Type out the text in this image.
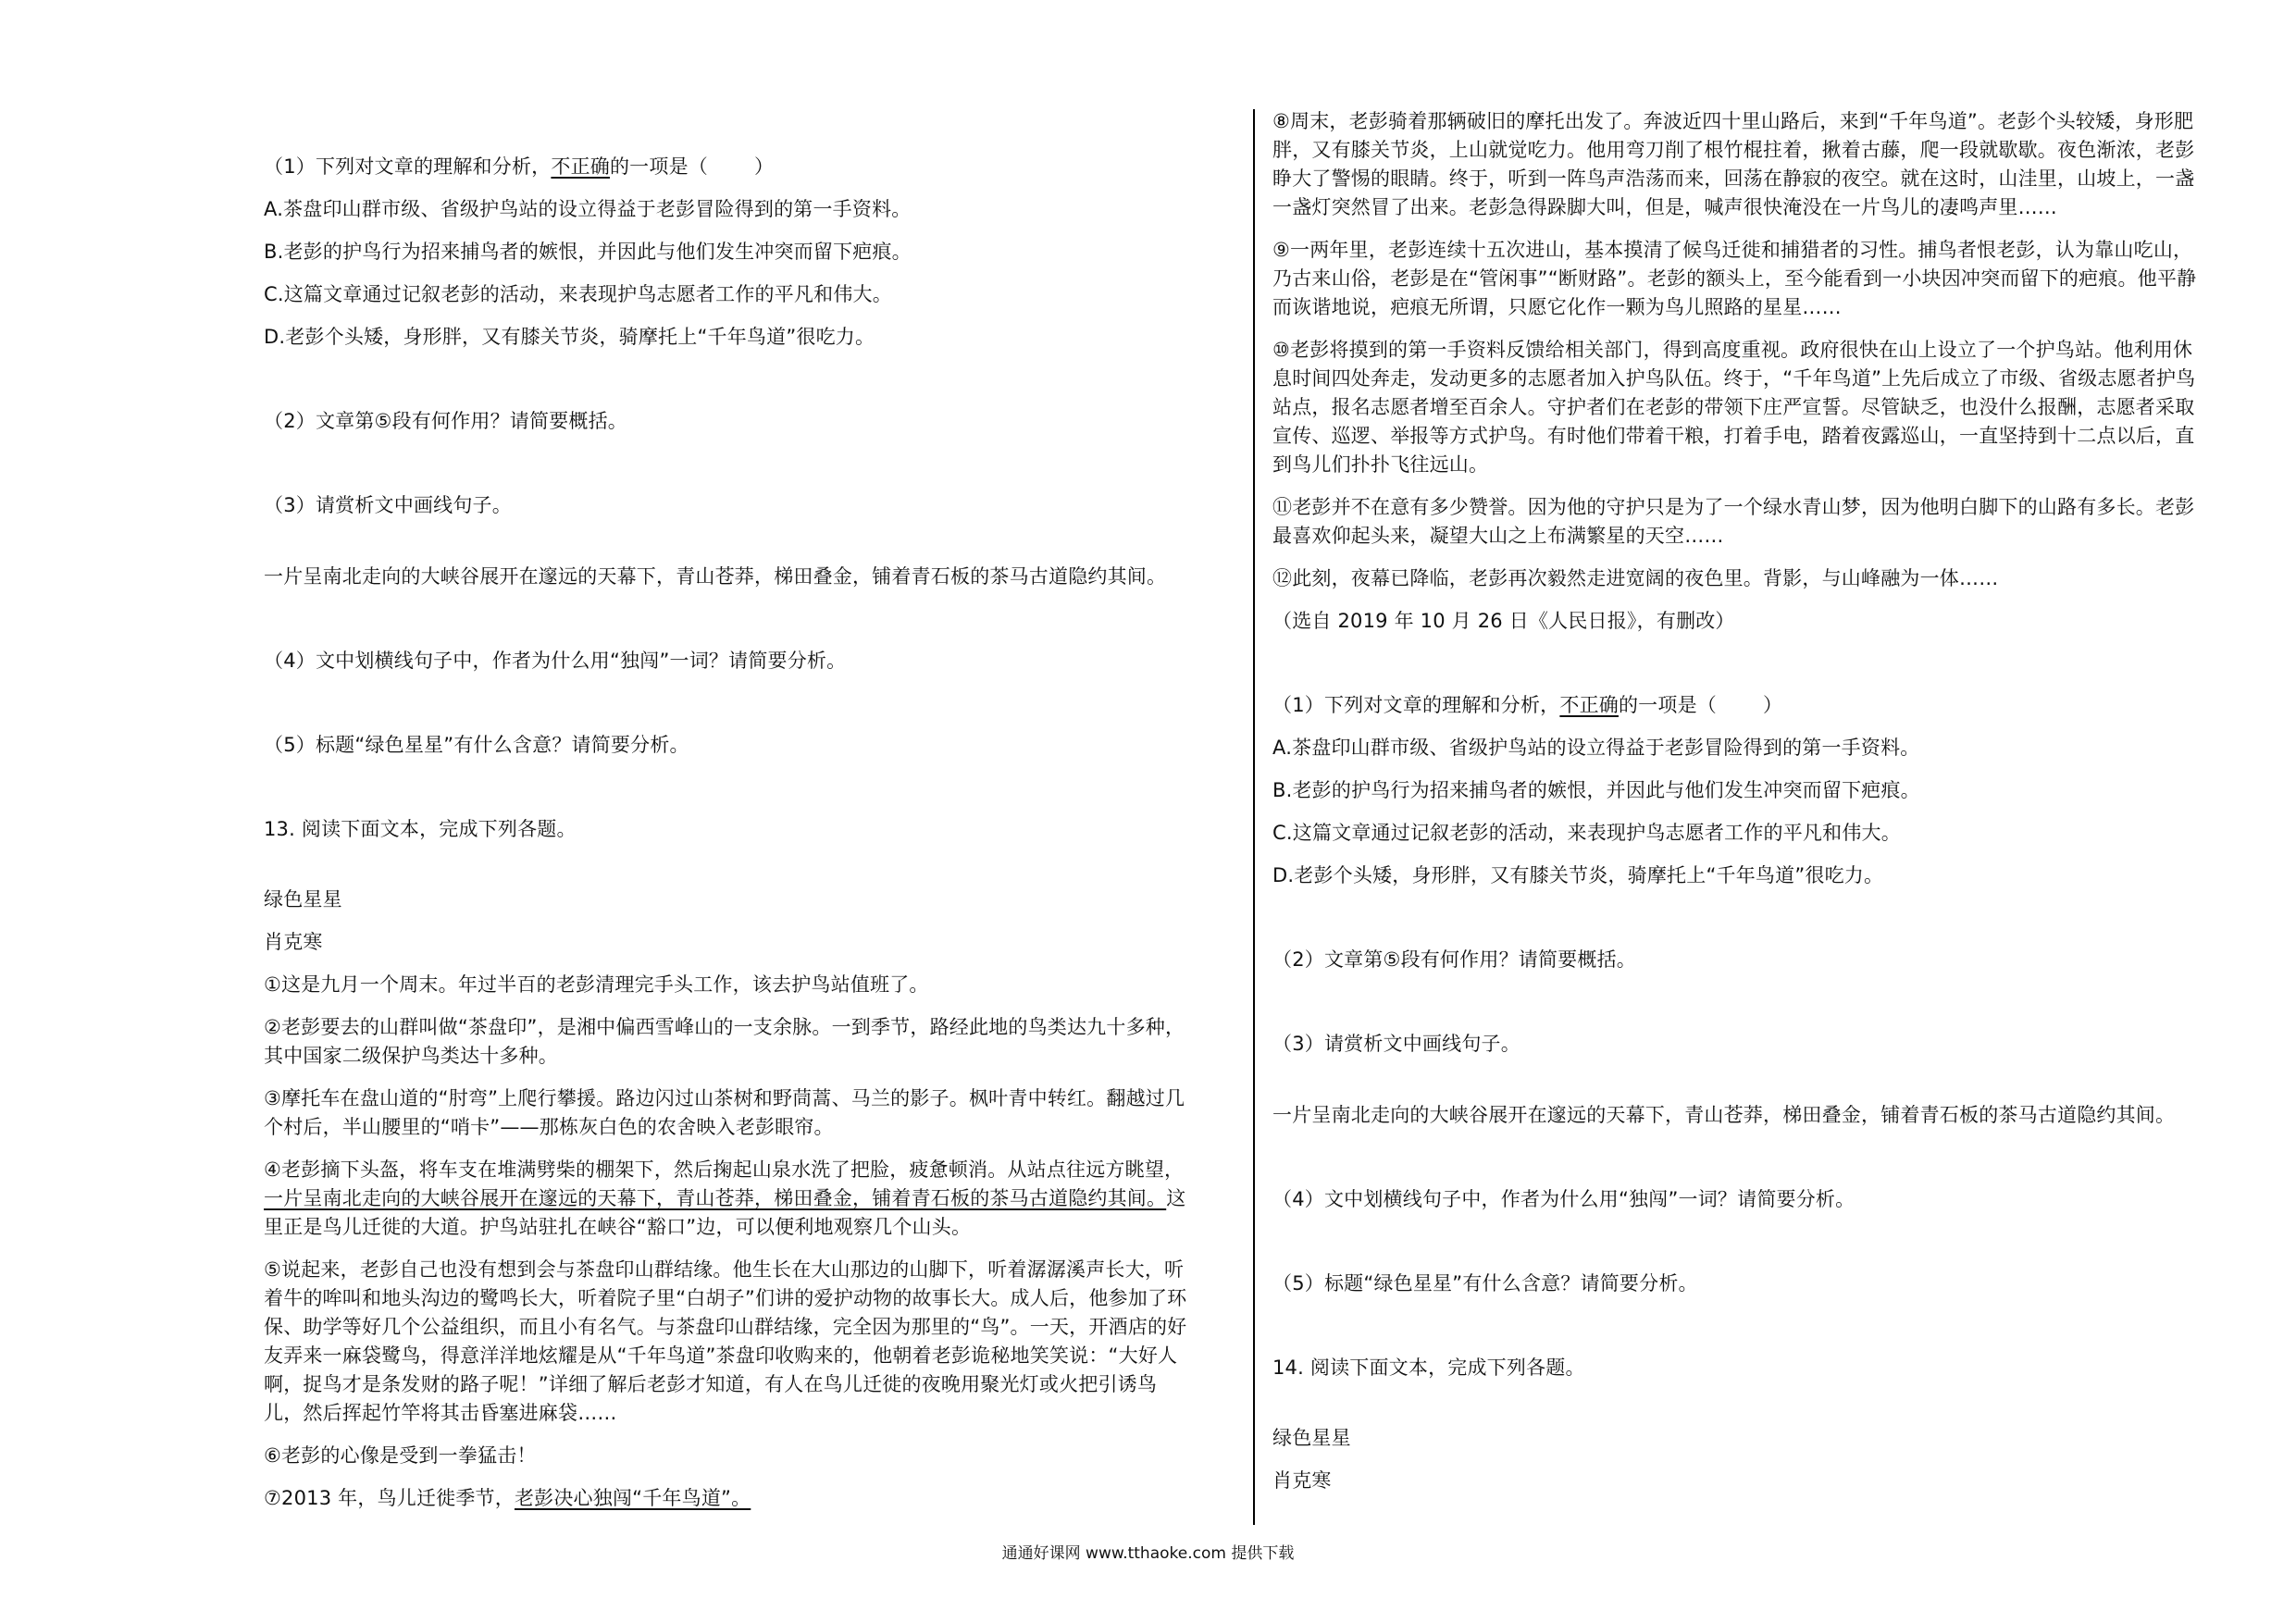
（1）下列对文章的理解和分析，不正确的一项是（ ）
A.茶盘印山群市级、省级护鸟站的设立得益于老彭冒险得到的第一手资料。
B.老彭的护鸟行为招来捕鸟者的嫉恨，并因此与他们发生冲突而留下疤痕。
C.这篇文章通过记叙老彭的活动，来表现护鸟志愿者工作的平凡和伟大。
D.老彭个头矮，身形胖，又有膝关节炎，骑摩托上“千年鸟道”很吃力。
（2）文章第⑤段有何作用？请简要概括。
（3）请赏析文中画线句子。
一片呈南北走向的大峡谷展开在邃远的天幕下，青山苍莽，梯田叠金，铺着青石板的茶马古道隐约其间。
（4）文中划横线句子中，作者为什么用“独闯”一词？请简要分析。
（5）标题“绿色星星”有什么含意？请简要分析。
13. 阅读下面文本，完成下列各题。
绿色星星
肖克寒
①这是九月一个周末。年过半百的老彭清理完手头工作，该去护鸟站值班了。
②老彭要去的山群叫做“茶盘印”，是湘中偏西雪峰山的一支余脉。一到季节，路经此地的鸟类达九十多种，
其中国家二级保护鸟类达十多种。
③摩托车在盘山道的“肘弯”上爬行攀援。路边闪过山茶树和野茼蒿、马兰的影子。枫叶青中转红。翻越过几
个村后，半山腰里的“哨卡”——那栋灰白色的农舍映入老彭眼帘。
④老彭摘下头盔，将车支在堆满劈柴的棚架下，然后掬起山泉水洗了把脸，疲惫顿消。从站点往远方眺望，
一片呈南北走向的大峡谷展开在邃远的天幕下，青山苍莽，梯田叠金，铺着青石板的茶马古道隐约其间。这
里正是鸟儿迁徙的大道。护鸟站驻扎在峡谷“豁口”边，可以便利地观察几个山头。
⑤说起来，老彭自己也没有想到会与茶盘印山群结缘。他生长在大山那边的山脚下，听着潺潺溪声长大，听
着牛的哞叫和地头沟边的鹭鸣长大，听着院子里“白胡子”们讲的爱护动物的故事长大。成人后，他参加了环
保、助学等好几个公益组织，而且小有名气。与茶盘印山群结缘，完全因为那里的“鸟”。一天，开酒店的好
友弄来一麻袋鹭鸟，得意洋洋地炫耀是从“千年鸟道”茶盘印收购来的，他朝着老彭诡秘地笑笑说：“大好人
啊，捉鸟才是条发财的路子呢！”详细了解后老彭才知道，有人在鸟儿迁徙的夜晚用聚光灯或火把引诱鸟
儿，然后挥起竹竿将其击昏塞进麻袋……
⑥老彭的心像是受到一拳猛击！
⑦2013 年，鸟儿迁徙季节，老彭决心独闯“千年鸟道”。
⑧周末，老彭骑着那辆破旧的摩托出发了。奔波近四十里山路后，来到“千年鸟道”。老彭个头较矮，身形肥
胖，又有膝关节炎，上山就觉吃力。他用弯刀削了根竹棍拄着，揪着古藤，爬一段就歇歇。夜色渐浓，老彭
睁大了警惕的眼睛。终于，听到一阵鸟声浩荡而来，回荡在静寂的夜空。就在这时，山洼里，山坡上，一盏
一盏灯突然冒了出来。老彭急得跺脚大叫，但是，喊声很快淹没在一片鸟儿的凄鸣声里……
⑨一两年里，老彭连续十五次进山，基本摸清了候鸟迁徙和捕猎者的习性。捕鸟者恨老彭，认为靠山吃山，
乃古来山俗，老彭是在“管闲事”“断财路”。老彭的额头上，至今能看到一小块因冲突而留下的疤痕。他平静
而诙谐地说，疤痕无所谓，只愿它化作一颗为鸟儿照路的星星……
⑩老彭将摸到的第一手资料反馈给相关部门，得到高度重视。政府很快在山上设立了一个护鸟站。他利用休
息时间四处奔走，发动更多的志愿者加入护鸟队伍。终于，“千年鸟道”上先后成立了市级、省级志愿者护鸟
站点，报名志愿者增至百余人。守护者们在老彭的带领下庄严宣誓。尽管缺乏，也没什么报酬，志愿者采取
宣传、巡逻、举报等方式护鸟。有时他们带着干粮，打着手电，踏着夜露巡山，一直坚持到十二点以后，直
到鸟儿们扑扑飞往远山。
⑪老彭并不在意有多少赞誉。因为他的守护只是为了一个绿水青山梦，因为他明白脚下的山路有多长。老彭
最喜欢仰起头来，凝望大山之上布满繁星的天空……
⑫此刻，夜幕已降临，老彭再次毅然走进宽阔的夜色里。背影，与山峰融为一体……
（选自 2019 年 10 月 26 日《人民日报》，有删改）
（1）下列对文章的理解和分析，不正确的一项是（ ）
A.茶盘印山群市级、省级护鸟站的设立得益于老彭冒险得到的第一手资料。
B.老彭的护鸟行为招来捕鸟者的嫉恨，并因此与他们发生冲突而留下疤痕。
C.这篇文章通过记叙老彭的活动，来表现护鸟志愿者工作的平凡和伟大。
D.老彭个头矮，身形胖，又有膝关节炎，骑摩托上“千年鸟道”很吃力。
（2）文章第⑤段有何作用？请简要概括。
（3）请赏析文中画线句子。
一片呈南北走向的大峡谷展开在邃远的天幕下，青山苍莽，梯田叠金，铺着青石板的茶马古道隐约其间。
（4）文中划横线句子中，作者为什么用“独闯”一词？请简要分析。
（5）标题“绿色星星”有什么含意？请简要分析。
14. 阅读下面文本，完成下列各题。
绿色星星
肖克寒
通通好课网 www.tthaoke.com 提供下载
